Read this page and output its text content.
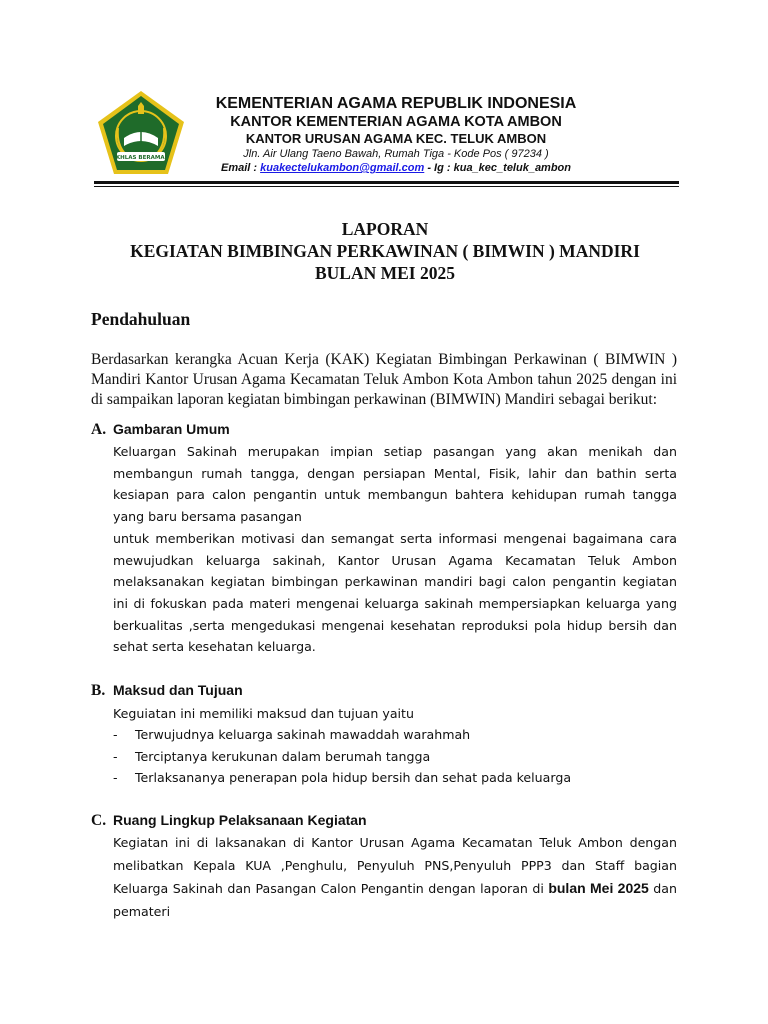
IKHLAS BERAMAL
KEMENTERIAN AGAMA REPUBLIK INDONESIA
KANTOR KEMENTERIAN AGAMA KOTA AMBON
KANTOR URUSAN AGAMA KEC. TELUK AMBON
Jln. Air Ulang Taeno Bawah, Rumah Tiga - Kode Pos ( 97234 )
Email : kuakectelukambon@gmail.com - Ig : kua_kec_teluk_ambon
LAPORAN
KEGIATAN BIMBINGAN PERKAWINAN ( BIMWIN ) MANDIRI
BULAN MEI 2025
Pendahuluan
Berdasarkan kerangka Acuan Kerja (KAK) Kegiatan Bimbingan Perkawinan ( BIMWIN ) Mandiri Kantor Urusan Agama Kecamatan Teluk Ambon Kota Ambon tahun 2025 dengan ini di sampaikan laporan kegiatan bimbingan perkawinan (BIMWIN) Mandiri sebagai berikut:
A. Gambaran Umum

Keluargan Sakinah merupakan impian setiap pasangan yang akan menikah dan membangun rumah tangga, dengan persiapan Mental, Fisik, lahir dan bathin serta kesiapan para calon pengantin untuk membangun bahtera kehidupan rumah tangga yang baru bersama pasangan

untuk memberikan motivasi dan semangat serta informasi mengenai bagaimana cara mewujudkan keluarga sakinah, Kantor Urusan Agama Kecamatan Teluk Ambon melaksanakan kegiatan bimbingan perkawinan mandiri bagi calon pengantin kegiatan ini di fokuskan pada materi mengenai keluarga sakinah mempersiapkan keluarga yang berkualitas ,serta mengedukasi mengenai kesehatan reproduksi pola hidup bersih dan sehat serta kesehatan keluarga.

B. Maksud dan Tujuan

Keguiatan ini memiliki maksud dan tujuan yaitu

- Terwujudnya keluarga sakinah mawaddah warahmah
- Terciptanya kerukunan dalam berumah tangga
- Terlaksananya penerapan pola hidup bersih dan sehat pada keluarga
C. Ruang Lingkup Pelaksanaan Kegiatan

Kegiatan ini di laksanakan di Kantor Urusan Agama Kecamatan Teluk Ambon dengan melibatkan Kepala KUA ,Penghulu, Penyuluh PNS,Penyuluh PPP3 dan Staff bagian Keluarga Sakinah dan Pasangan Calon Pengantin dengan laporan di bulan Mei 2025 dan pemateri
